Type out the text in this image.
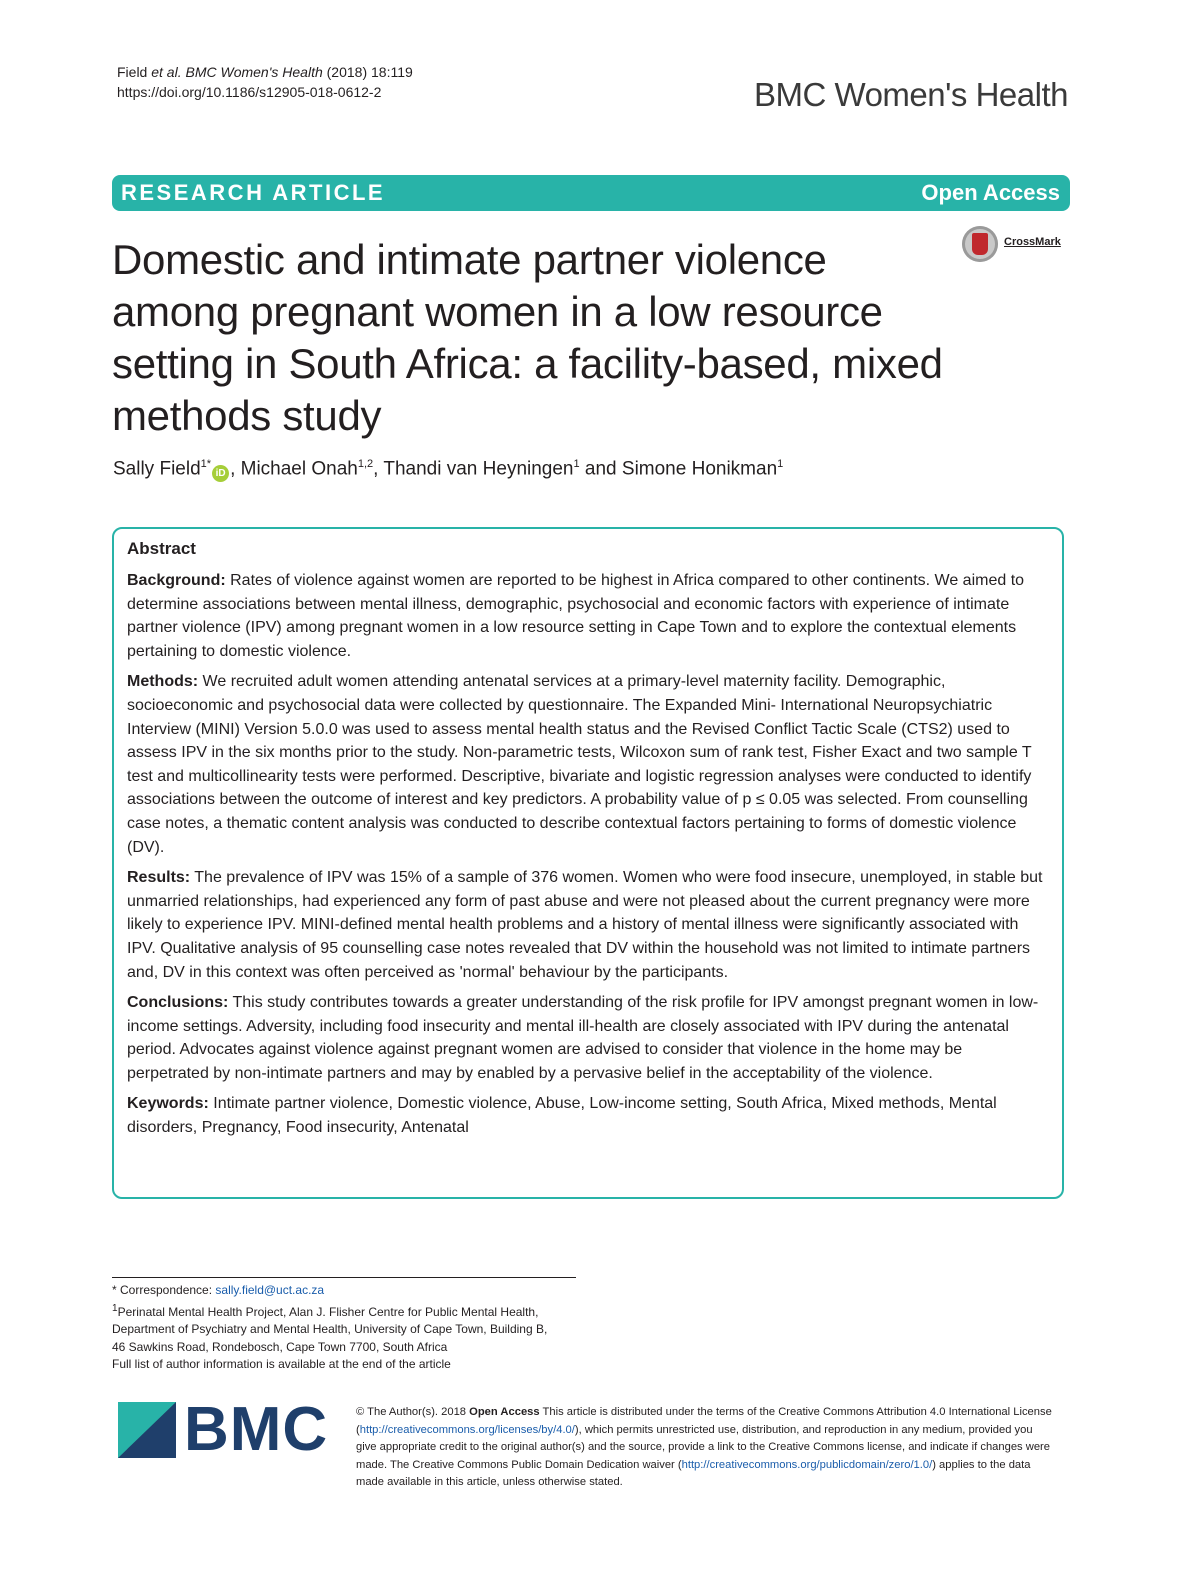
Field et al. BMC Women's Health (2018) 18:119
https://doi.org/10.1186/s12905-018-0612-2	BMC Women's Health
RESEARCH ARTICLE	Open Access
CrossMark
Domestic and intimate partner violence among pregnant women in a low resource setting in South Africa: a facility-based, mixed methods study
Sally Field$^{1*}$iD , Michael Onah$^{1,2}$, Thandi van Heyningen$^1$ and Simone Honikman$^1$
Abstract

Background: Rates of violence against women are reported to be highest in Africa compared to other continents. We aimed to determine associations between mental illness, demographic, psychosocial and economic factors with experience of intimate partner violence (IPV) among pregnant women in a low resource setting in Cape Town and to explore the contextual elements pertaining to domestic violence.

Methods: We recruited adult women attending antenatal services at a primary-level maternity facility. Demographic, socioeconomic and psychosocial data were collected by questionnaire. The Expanded Mini- International Neuropsychiatric Interview (MINI) Version 5.0.0 was used to assess mental health status and the Revised Conflict Tactic Scale (CTS2) used to assess IPV in the six months prior to the study. Non-parametric tests, Wilcoxon sum of rank test, Fisher Exact and two sample T test and multicollinearity tests were performed. Descriptive, bivariate and logistic regression analyses were conducted to identify associations between the outcome of interest and key predictors. A probability value of p ≤ 0.05 was selected. From counselling case notes, a thematic content analysis was conducted to describe contextual factors pertaining to forms of domestic violence (DV).

Results: The prevalence of IPV was 15% of a sample of 376 women. Women who were food insecure, unemployed, in stable but unmarried relationships, had experienced any form of past abuse and were not pleased about the current pregnancy were more likely to experience IPV. MINI-defined mental health problems and a history of mental illness were significantly associated with IPV. Qualitative analysis of 95 counselling case notes revealed that DV within the household was not limited to intimate partners and, DV in this context was often perceived as 'normal' behaviour by the participants.

Conclusions: This study contributes towards a greater understanding of the risk profile for IPV amongst pregnant women in low-income settings. Adversity, including food insecurity and mental ill-health are closely associated with IPV during the antenatal period. Advocates against violence against pregnant women are advised to consider that violence in the home may be perpetrated by non-intimate partners and may by enabled by a pervasive belief in the acceptability of the violence.

Keywords: Intimate partner violence, Domestic violence, Abuse, Low-income setting, South Africa, Mixed methods, Mental disorders, Pregnancy, Food insecurity, Antenatal

* Correspondence: sally.field@uct.ac.za
$^1$Perinatal Mental Health Project, Alan J. Flisher Centre for Public Mental Health, Department of Psychiatry and Mental Health, University of Cape Town, Building B, 46 Sawkins Road, Rondebosch, Cape Town 7700, South Africa
Full list of author information is available at the end of the article
BMC © The Author(s). 2018 Open Access This article is distributed under the terms of the Creative Commons Attribution 4.0 International License (http://creativecommons.org/licenses/by/4.0/), which permits unrestricted use, distribution, and reproduction in any medium, provided you give appropriate credit to the original author(s) and the source, provide a link to the Creative Commons license, and indicate if changes were made. The Creative Commons Public Domain Dedication waiver (http://creativecommons.org/publicdomain/zero/1.0/) applies to the data made available in this article, unless otherwise stated.
